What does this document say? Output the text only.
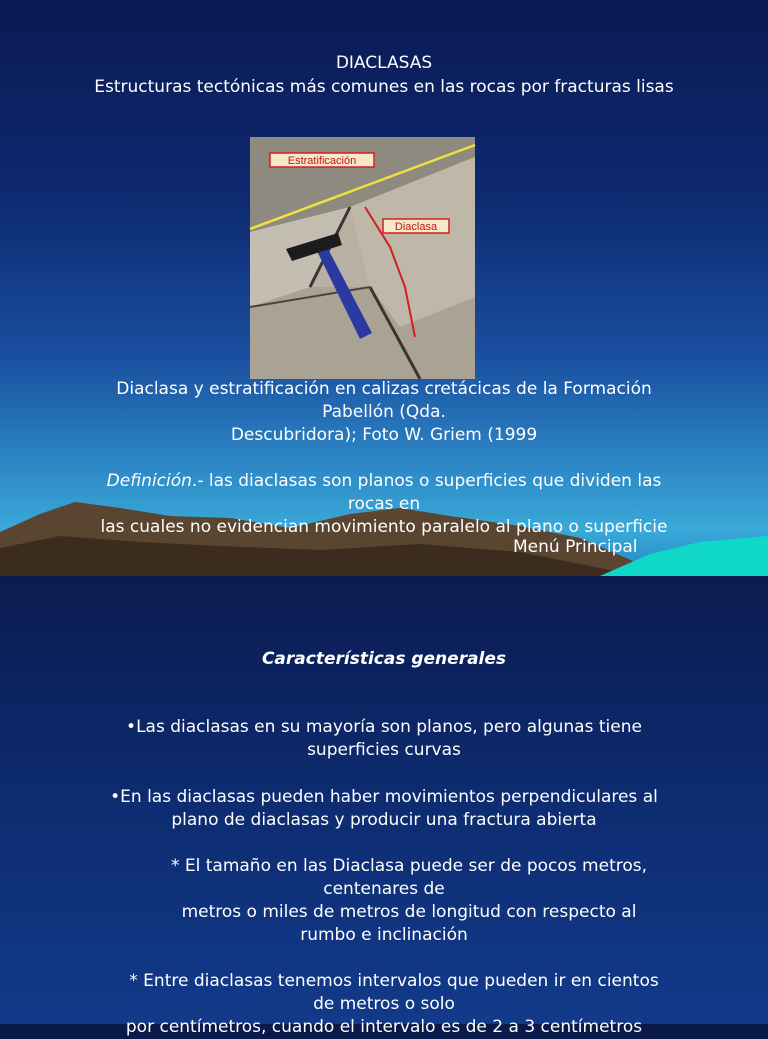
DIACLASAS

Estructuras tectónicas más comunes en las rocas por fracturas lisas

Estratificación
Diaclasa
Diaclasa y estratificación en calizas cretácicas de la Formación
Pabellón (Qda.
Descubridora); Foto W. Griem (1999
Definición.- las diaclasas son planos o superficies que dividen las
rocas en
las cuales no evidencian movimiento paralelo al plano o superficie
Menú Principal

Características generales

•Las diaclasas en su mayoría son planos, pero algunas tiene
superficies curvas
•En las diaclasas pueden haber movimientos perpendiculares al
plano de diaclasas y producir una fractura abierta
* El tamaño en las Diaclasa puede ser de pocos metros,
centenares de
metros o miles de metros de longitud con respecto al
rumbo e inclinación
* Entre diaclasas tenemos intervalos que pueden ir en cientos
de metros o solo
por centímetros, cuando el intervalo es de 2 a 3 centímetros
